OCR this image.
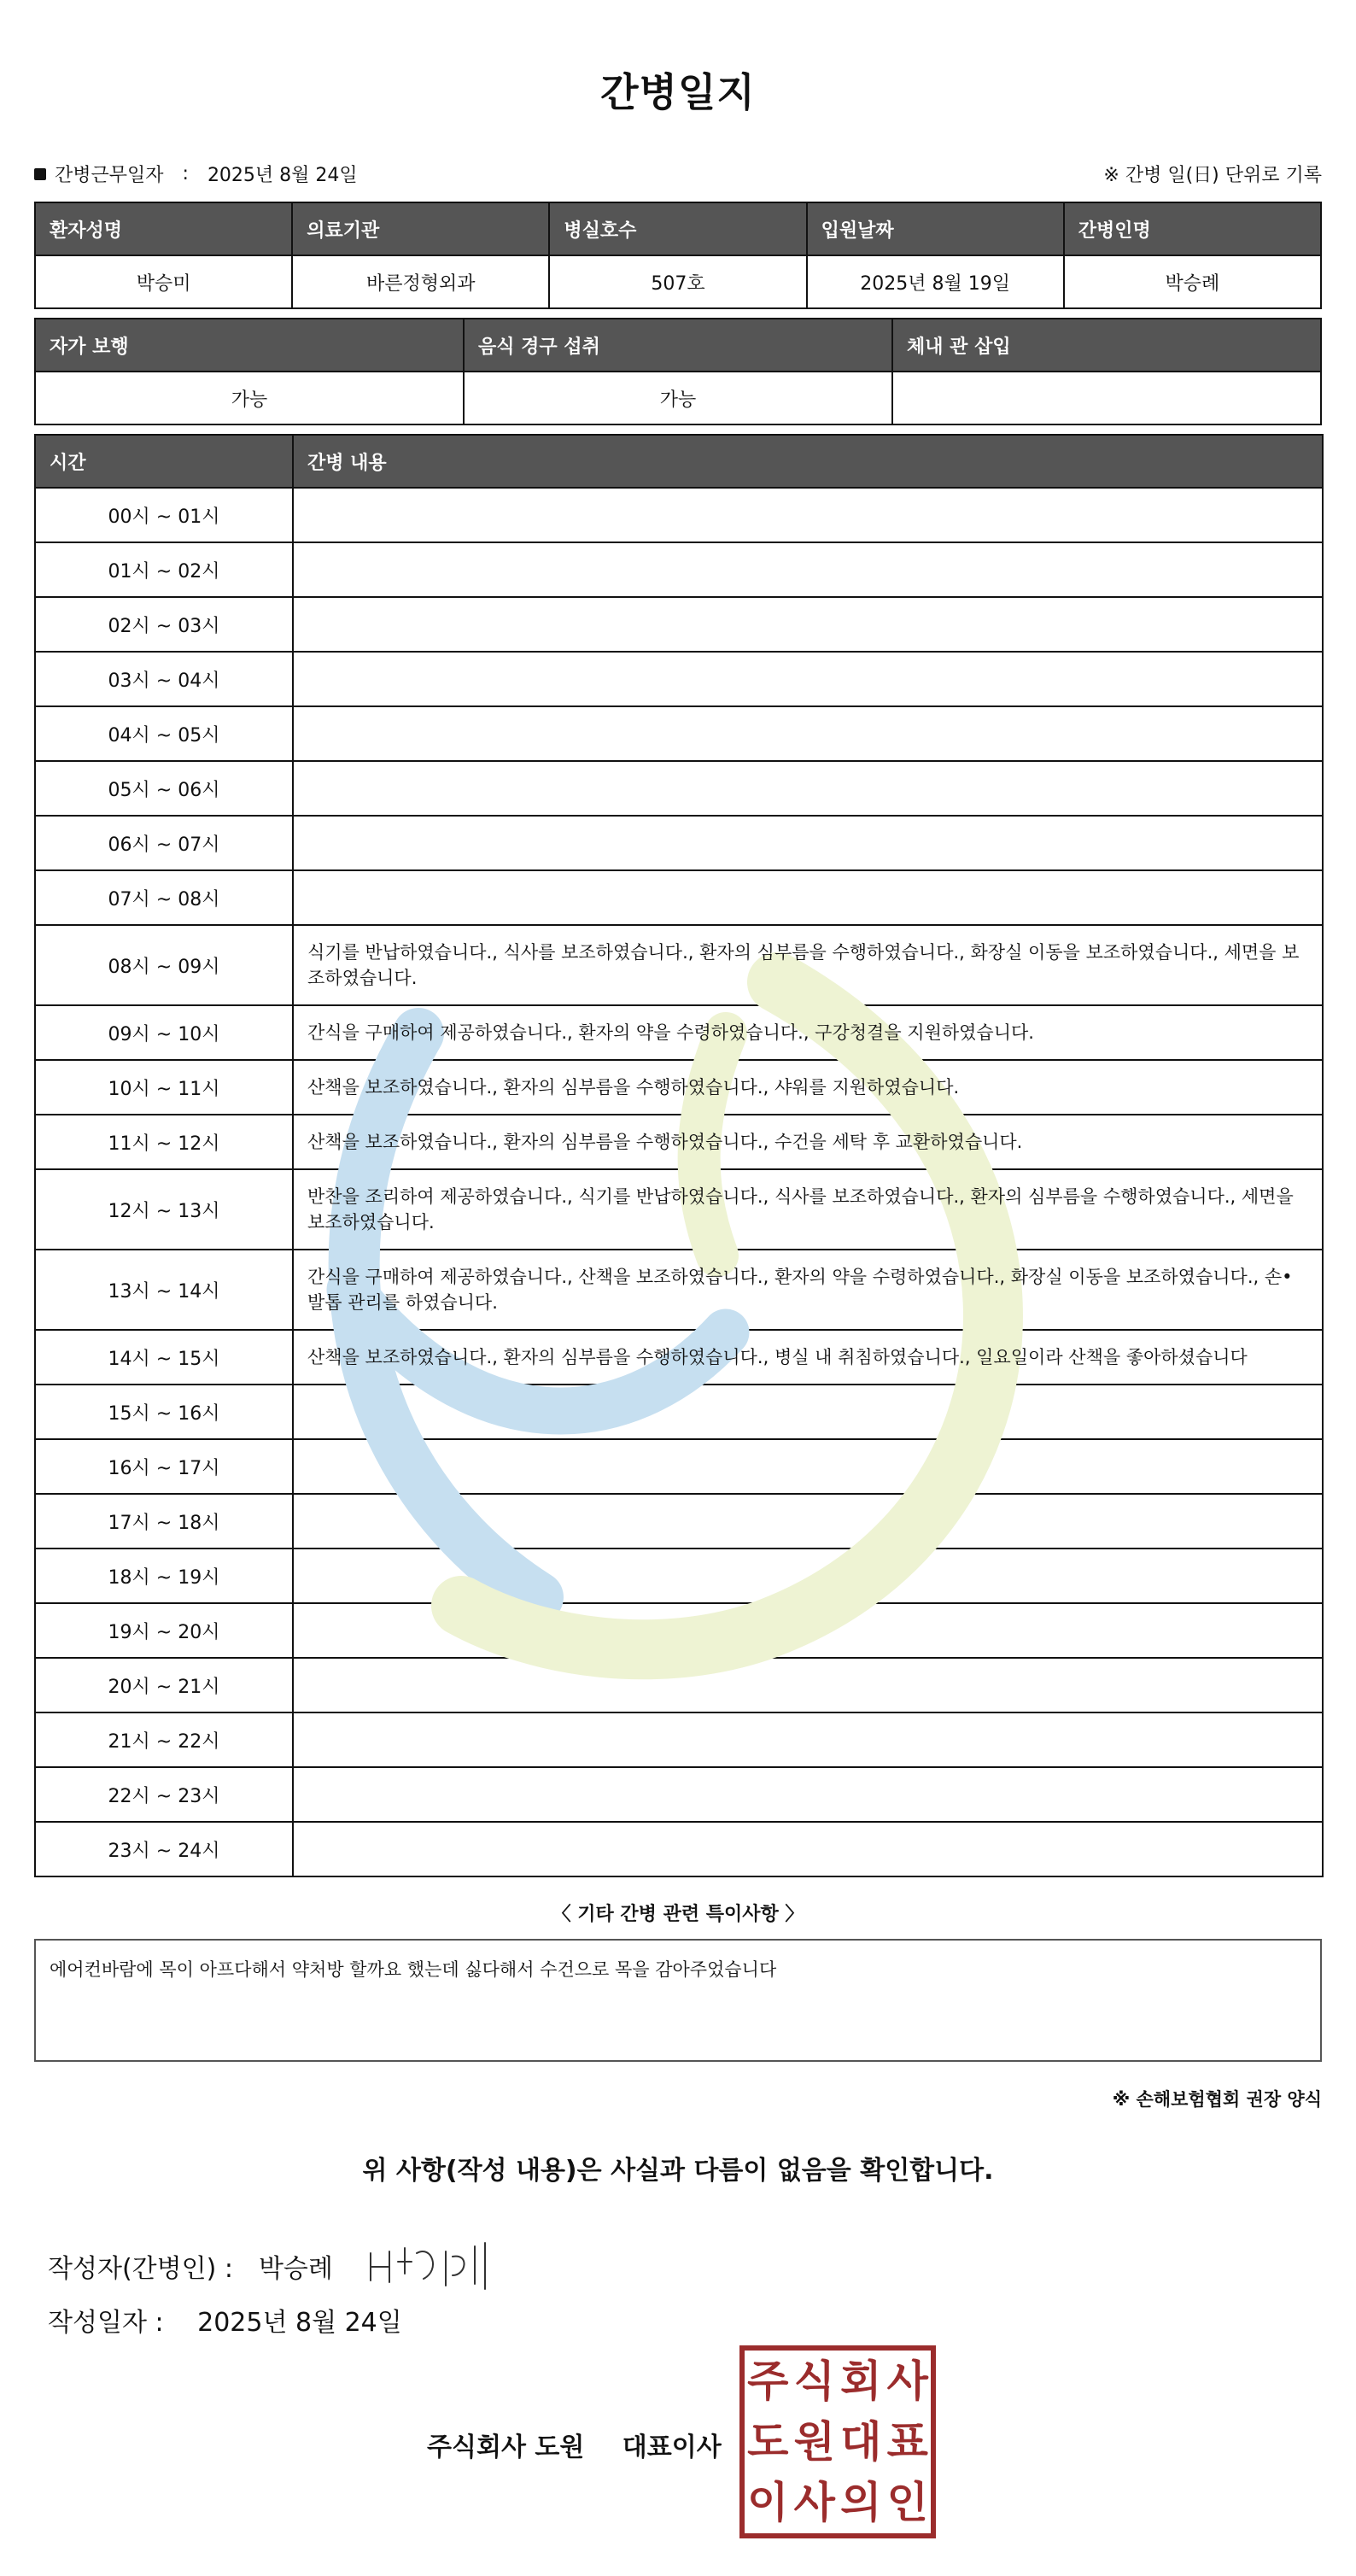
간병일지
간병근무일자 : 2025년 8월 24일	※ 간병 일(日) 단위로 기록
환자성명	의료기관	병실호수	입원날짜	간병인명
박승미	바른정형외과	507호	2025년 8월 19일	박승례
자가 보행	음식 경구 섭취	체내 관 삽입
가능	가능	
시간	간병 내용
00시 ~ 01시	
01시 ~ 02시	
02시 ~ 03시	
03시 ~ 04시	
04시 ~ 05시	
05시 ~ 06시	
06시 ~ 07시	
07시 ~ 08시	
08시 ~ 09시	식기를 반납하였습니다., 식사를 보조하였습니다., 환자의 심부름을 수행하였습니다., 화장실 이동을 보조하였습니다., 세면을 보조하였습니다.
09시 ~ 10시	간식을 구매하여 제공하였습니다., 환자의 약을 수령하였습니다., 구강청결을 지원하였습니다.
10시 ~ 11시	산책을 보조하였습니다., 환자의 심부름을 수행하였습니다., 샤워를 지원하였습니다.
11시 ~ 12시	산책을 보조하였습니다., 환자의 심부름을 수행하였습니다., 수건을 세탁 후 교환하였습니다.
12시 ~ 13시	반찬을 조리하여 제공하였습니다., 식기를 반납하였습니다., 식사를 보조하였습니다., 환자의 심부름을 수행하였습니다., 세면을 보조하였습니다.
13시 ~ 14시	간식을 구매하여 제공하였습니다., 산책을 보조하였습니다., 환자의 약을 수령하였습니다., 화장실 이동을 보조하였습니다., 손•발톱 관리를 하였습니다.
14시 ~ 15시	산책을 보조하였습니다., 환자의 심부름을 수행하였습니다., 병실 내 취침하였습니다., 일요일이라 산책을 좋아하셨습니다
15시 ~ 16시	
16시 ~ 17시	
17시 ~ 18시	
18시 ~ 19시	
19시 ~ 20시	
20시 ~ 21시	
21시 ~ 22시	
22시 ~ 23시	
23시 ~ 24시	
〈 기타 간병 관련 특이사항 〉
에어컨바람에 목이 아프다해서 약처방 할까요 했는데 싫다해서 수건으로 목을 감아주었습니다
※ 손해보험협회 권장 양식
위 사항(작성 내용)은 사실과 다름이 없음을 확인합니다.
작성자(간병인) : 박승례
작성일자 : 2025년 8월 24일
주식회사 도원 대표이사
주 식 회 사
도 원 대 표
이 사 의 인
